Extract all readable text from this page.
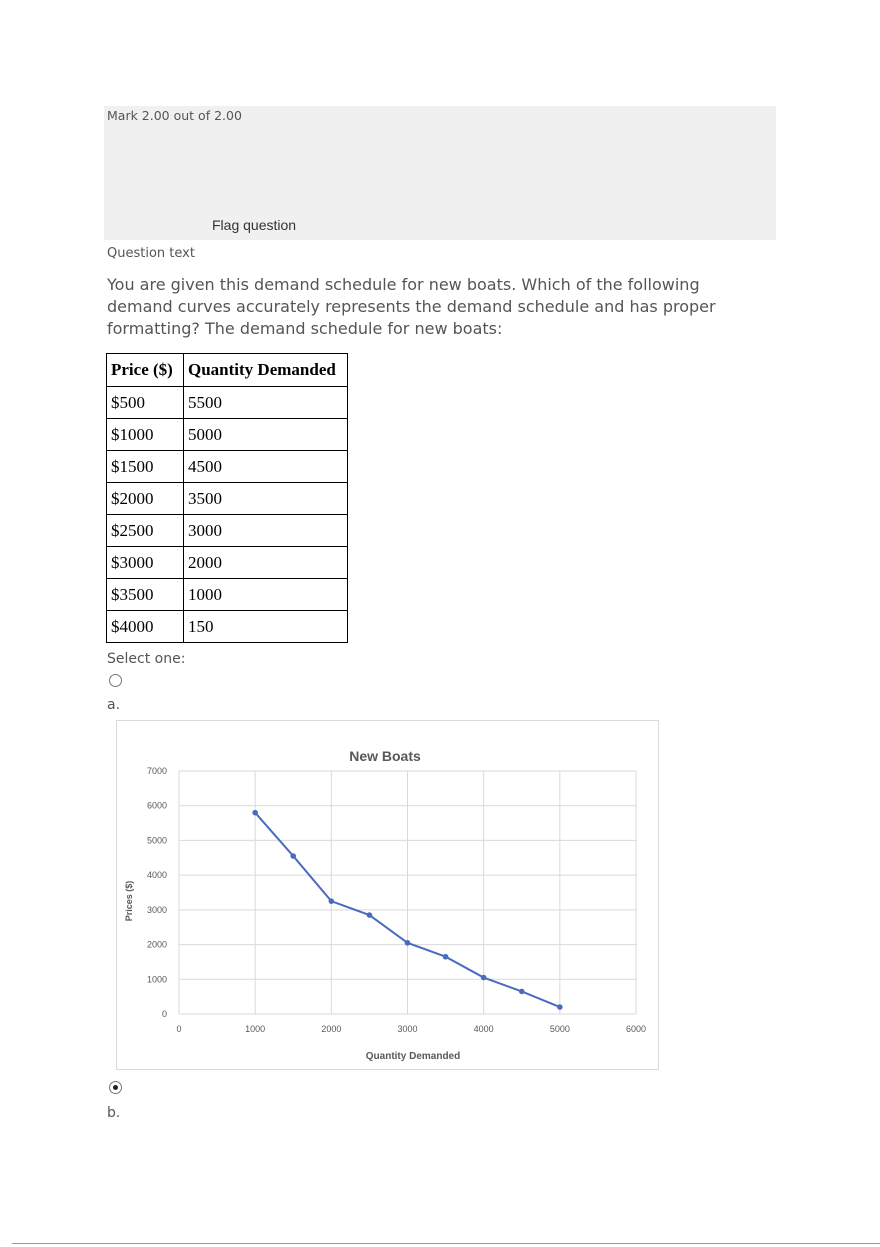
Mark 2.00 out of 2.00
Flag question
Question text
You are given this demand schedule for new boats. Which of the following demand curves accurately represents the demand schedule and has proper formatting? The demand schedule for new boats:
Price ($)	Quantity Demanded
$500	5500
$1000	5000
$1500	4500
$2000	3500
$2500	3000
$3000	2000
$3500	1000
$4000	150
Select one:
a.
New Boats
Prices ($)
Quantity Demanded
0
1000
2000
3000
4000
5000
6000
7000
0	1000	2000	3000	4000	5000	6000
b.
